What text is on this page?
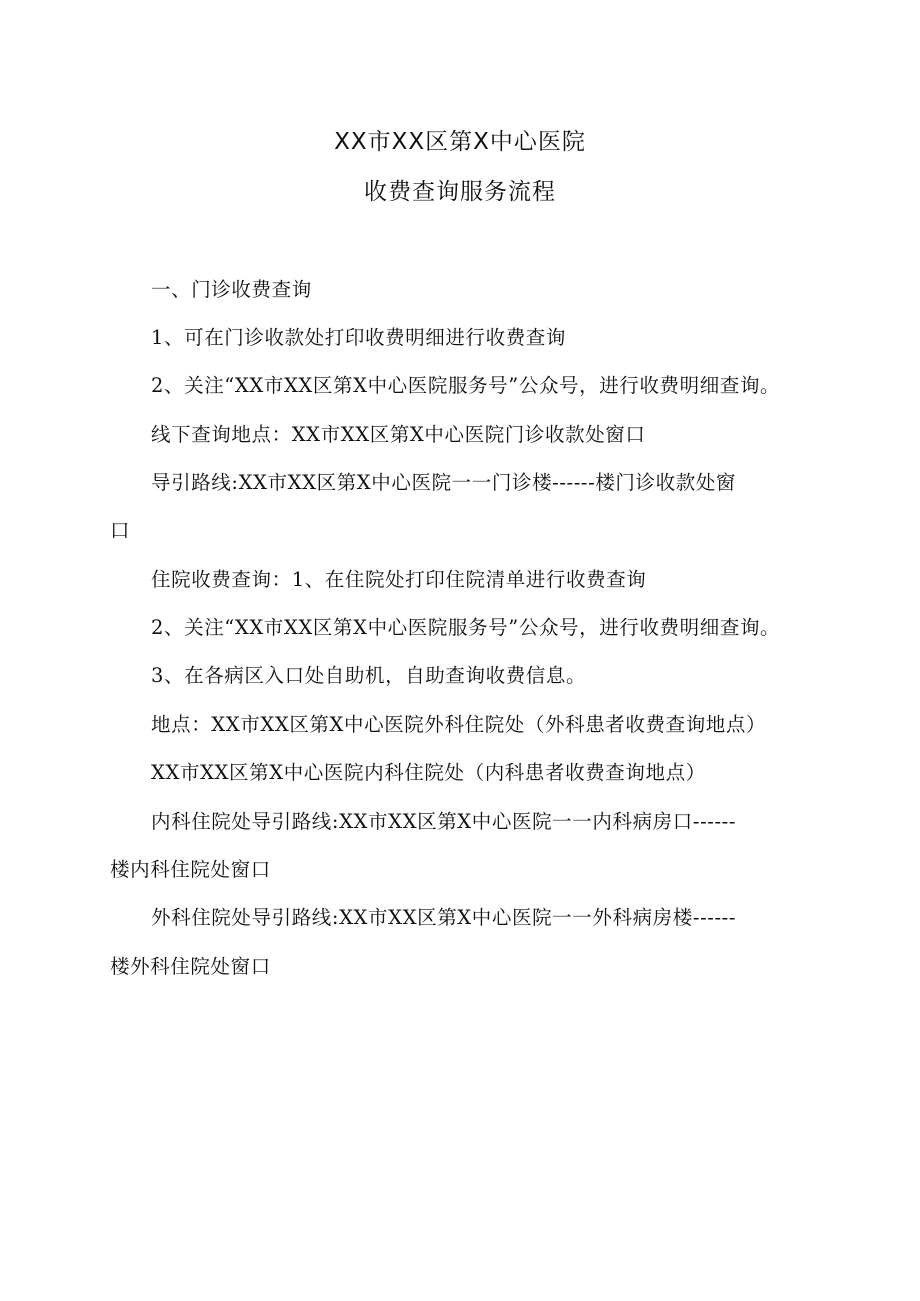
XX市XX区第X中心医院
收费查询服务流程
一、门诊收费查询
1、可在门诊收款处打印收费明细进行收费查询
2、关注“XX市XX区第X中心医院服务号”公众号，进行收费明细查询。
线下查询地点：XX市XX区第X中心医院门诊收款处窗口
导引路线:XX市XX区第X中心医院一一门诊楼------楼门诊收款处窗
口
住院收费查询：1、在住院处打印住院清单进行收费查询
2、关注“XX市XX区第X中心医院服务号”公众号，进行收费明细查询。
3、在各病区入口处自助机，自助查询收费信息。
地点：XX市XX区第X中心医院外科住院处（外科患者收费查询地点）
XX市XX区第X中心医院内科住院处（内科患者收费查询地点）
内科住院处导引路线:XX市XX区第X中心医院一一内科病房口------
楼内科住院处窗口
外科住院处导引路线:XX市XX区第X中心医院一一外科病房楼------
楼外科住院处窗口
